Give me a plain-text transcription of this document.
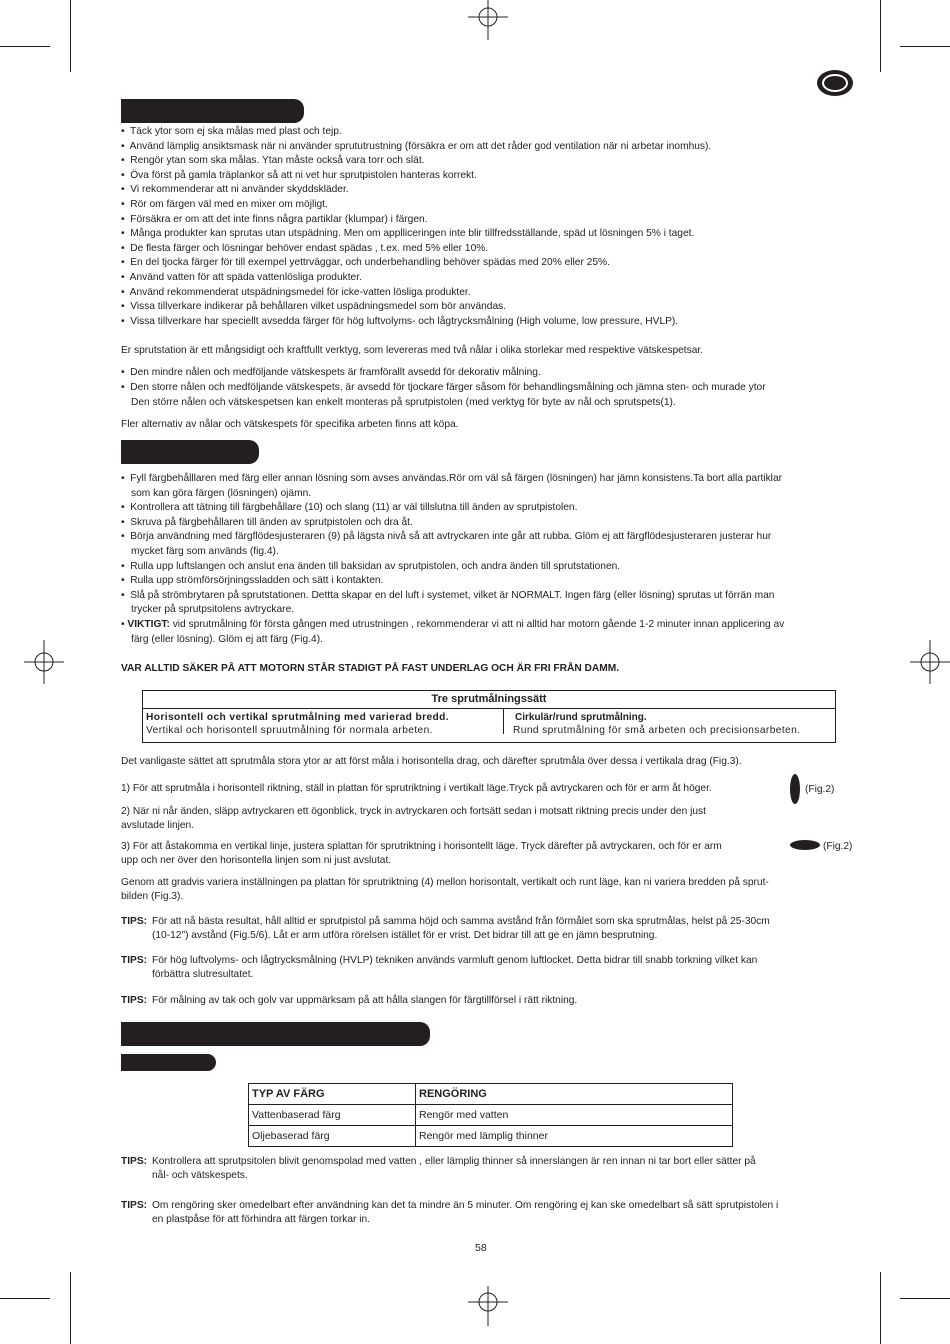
•  Täck ytor som ej ska målas med plast och tejp.
•  Använd lämplig ansiktsmask när ni använder sprututrustning (försäkra er om att det råder god ventilation när ni arbetar inomhus).
•  Rengör ytan som ska målas. Ytan måste också vara torr och slät.
•  Öva först på gamla träplankor så att ni vet hur sprutpistolen hanteras korrekt.
•  Vi rekommenderar att ni använder skyddskläder.
•  Rör om färgen väl med en mixer om möjligt.
•  Försäkra er om att det inte finns några partiklar (klumpar) i färgen.
•  Många produkter kan sprutas utan utspädning. Men om applliceringen inte blir tillfredsställande, späd ut lösningen 5% i taget.
•  De flesta färger och lösningar behöver endast spädas , t.ex. med 5% eller 10%.
•  En del tjocka färger för till exempel yettrväggar, och underbehandling behöver spädas med 20% eller 25%.
•  Använd vatten för att späda vattenlösliga produkter.
•  Använd rekommenderat utspädningsmedel för icke-vatten lösliga produkter.
•  Vissa tillverkare indikerar på behållaren vilket uspädningsmedel som bör användas.
•  Vissa tillverkare har speciellt avsedda färger för hög luftvolyms- och lågtrycksmålning (High volume, low pressure, HVLP).
Er sprutstation är ett mångsidigt och kraftfullt verktyg, som levereras med två nålar i olika storlekar med respektive vätskespetsar.
•  Den mindre nålen och medföljande vätskespets är framförallt avsedd för dekorativ målning.
•  Den storre nålen och medföljande vätskespets, är avsedd för tjockare färger såsom för behandlingsmålning och jämna sten- och murade ytor
Den större nålen och vätskespetsen kan enkelt monteras på sprutpistolen (med verktyg för byte av nål och sprutspets(1).
Fler alternativ av nålar och vätskespets för specifika arbeten finns att köpa.
•  Fyll färgbehålllaren med färg eller annan lösning som avses användas.Rör om väl så färgen (lösningen) har jämn konsistens.Ta bort alla partiklar
som kan göra färgen (lösningen) ojämn.
•  Kontrollera att tätning till färgbehållare (10) och slang (11) ar väl tillslutna till änden av sprutpistolen.
•  Skruva på färgbehållaren till änden av sprutpistolen och dra åt.
•  Börja användning med färgflödesjusteraren (9) på lägsta nivå så att avtryckaren inte går att rubba. Glöm ej att färgflödesjusteraren justerar hur
mycket färg som används (fig.4).
•  Rulla upp luftslangen och anslut ena änden till baksidan av sprutpistolen, och andra änden till sprutstationen.
•  Rulla upp strömförsörjningssladden och sätt i kontakten.
•  Slå på strömbrytaren på sprutstationen. Dettta skapar en del luft i systemet, vilket är NORMALT. Ingen färg (eller lösning) sprutas ut förrän man
trycker på sprutpsitolens avtryckare.
• VIKTIGT: vid sprutmålning för första gången med utrustningen , rekommenderar vi att ni alltid har motorn gående 1-2 minuter innan applicering av
färg (eller lösning). Glöm ej att färg (Fig.4).
VAR ALLTID SÄKER PÅ ATT MOTORN STÅR STADIGT PÅ FAST UNDERLAG OCH ÄR FRI FRÅN DAMM.
Tre sprutmålningssätt
Horisontell och vertikal sprutmålning med varierad bredd.
Vertikal och horisontell spruutmålning för normala arbeten.
Cirkulär/rund sprutmålning.
Rund sprutmålning för små arbeten och precisionsarbeten.
Det vanligaste sättet att sprutmåla stora ytor ar att först måla i horisontella drag, och därefter sprutmåla över dessa i vertikala drag (Fig.3).
1) För att sprutmåla i horisontell riktning, ställ in plattan för sprutriktning i vertikalt läge.Tryck på avtryckaren och för er arm åt höger.	(Fig.2)
2) När ni når änden, släpp avtryckaren ett ögonblick, tryck in avtryckaren och fortsätt sedan i motsatt riktning precis under den just
avslutade linjen.
3) För att åstakomma en vertikal linje, justera splattan för sprutriktning i horisontellt läge. Tryck därefter på avtryckaren, och för er arm
upp och ner över den horisontella linjen som ni just avslutat.
(Fig.2)
Genom att gradvis variera inställningen pa plattan för sprutriktning (4) mellon horisontalt, vertikalt och runt läge, kan ni variera bredden på sprut-
bilden (Fig.3).
TIPS: För att nå bästa resultat, håll alltid er sprutpistol på samma höjd och samma avstånd från förmålet som ska sprutmålas, helst på 25-30cm
(10-12") avstånd (Fig.5/6). Låt er arm utföra rörelsen istället för er vrist. Det bidrar till att ge en jämn besprutning.
TIPS: För hög luftvolyms- och lågtrycksmålning (HVLP) tekniken används varmluft genom luftlocket. Detta bidrar till snabb torkning vilket kan
förbättra slutresultatet.
TIPS: För målning av tak och golv var uppmärksam på att hålla slangen för färgtillförsel i rätt riktning.
TYP AV FÄRG	RENGÖRING
Vattenbaserad färg	Rengör med vatten
Oljebaserad färg	Rengör med lämplig thinner
TIPS: Kontrollera att sprutpsitolen blivit genomspolad med vatten , eller lämplig thinner så innerslangen är ren innan ni tar bort eller sätter på
nål- och vätskespets.
TIPS: Om rengöring sker omedelbart efter användning kan det ta mindre än 5 minuter. Om rengöring ej kan ske omedelbart så sätt sprutpistolen i
en plastpåse för att förhindra att färgen torkar in.
58
